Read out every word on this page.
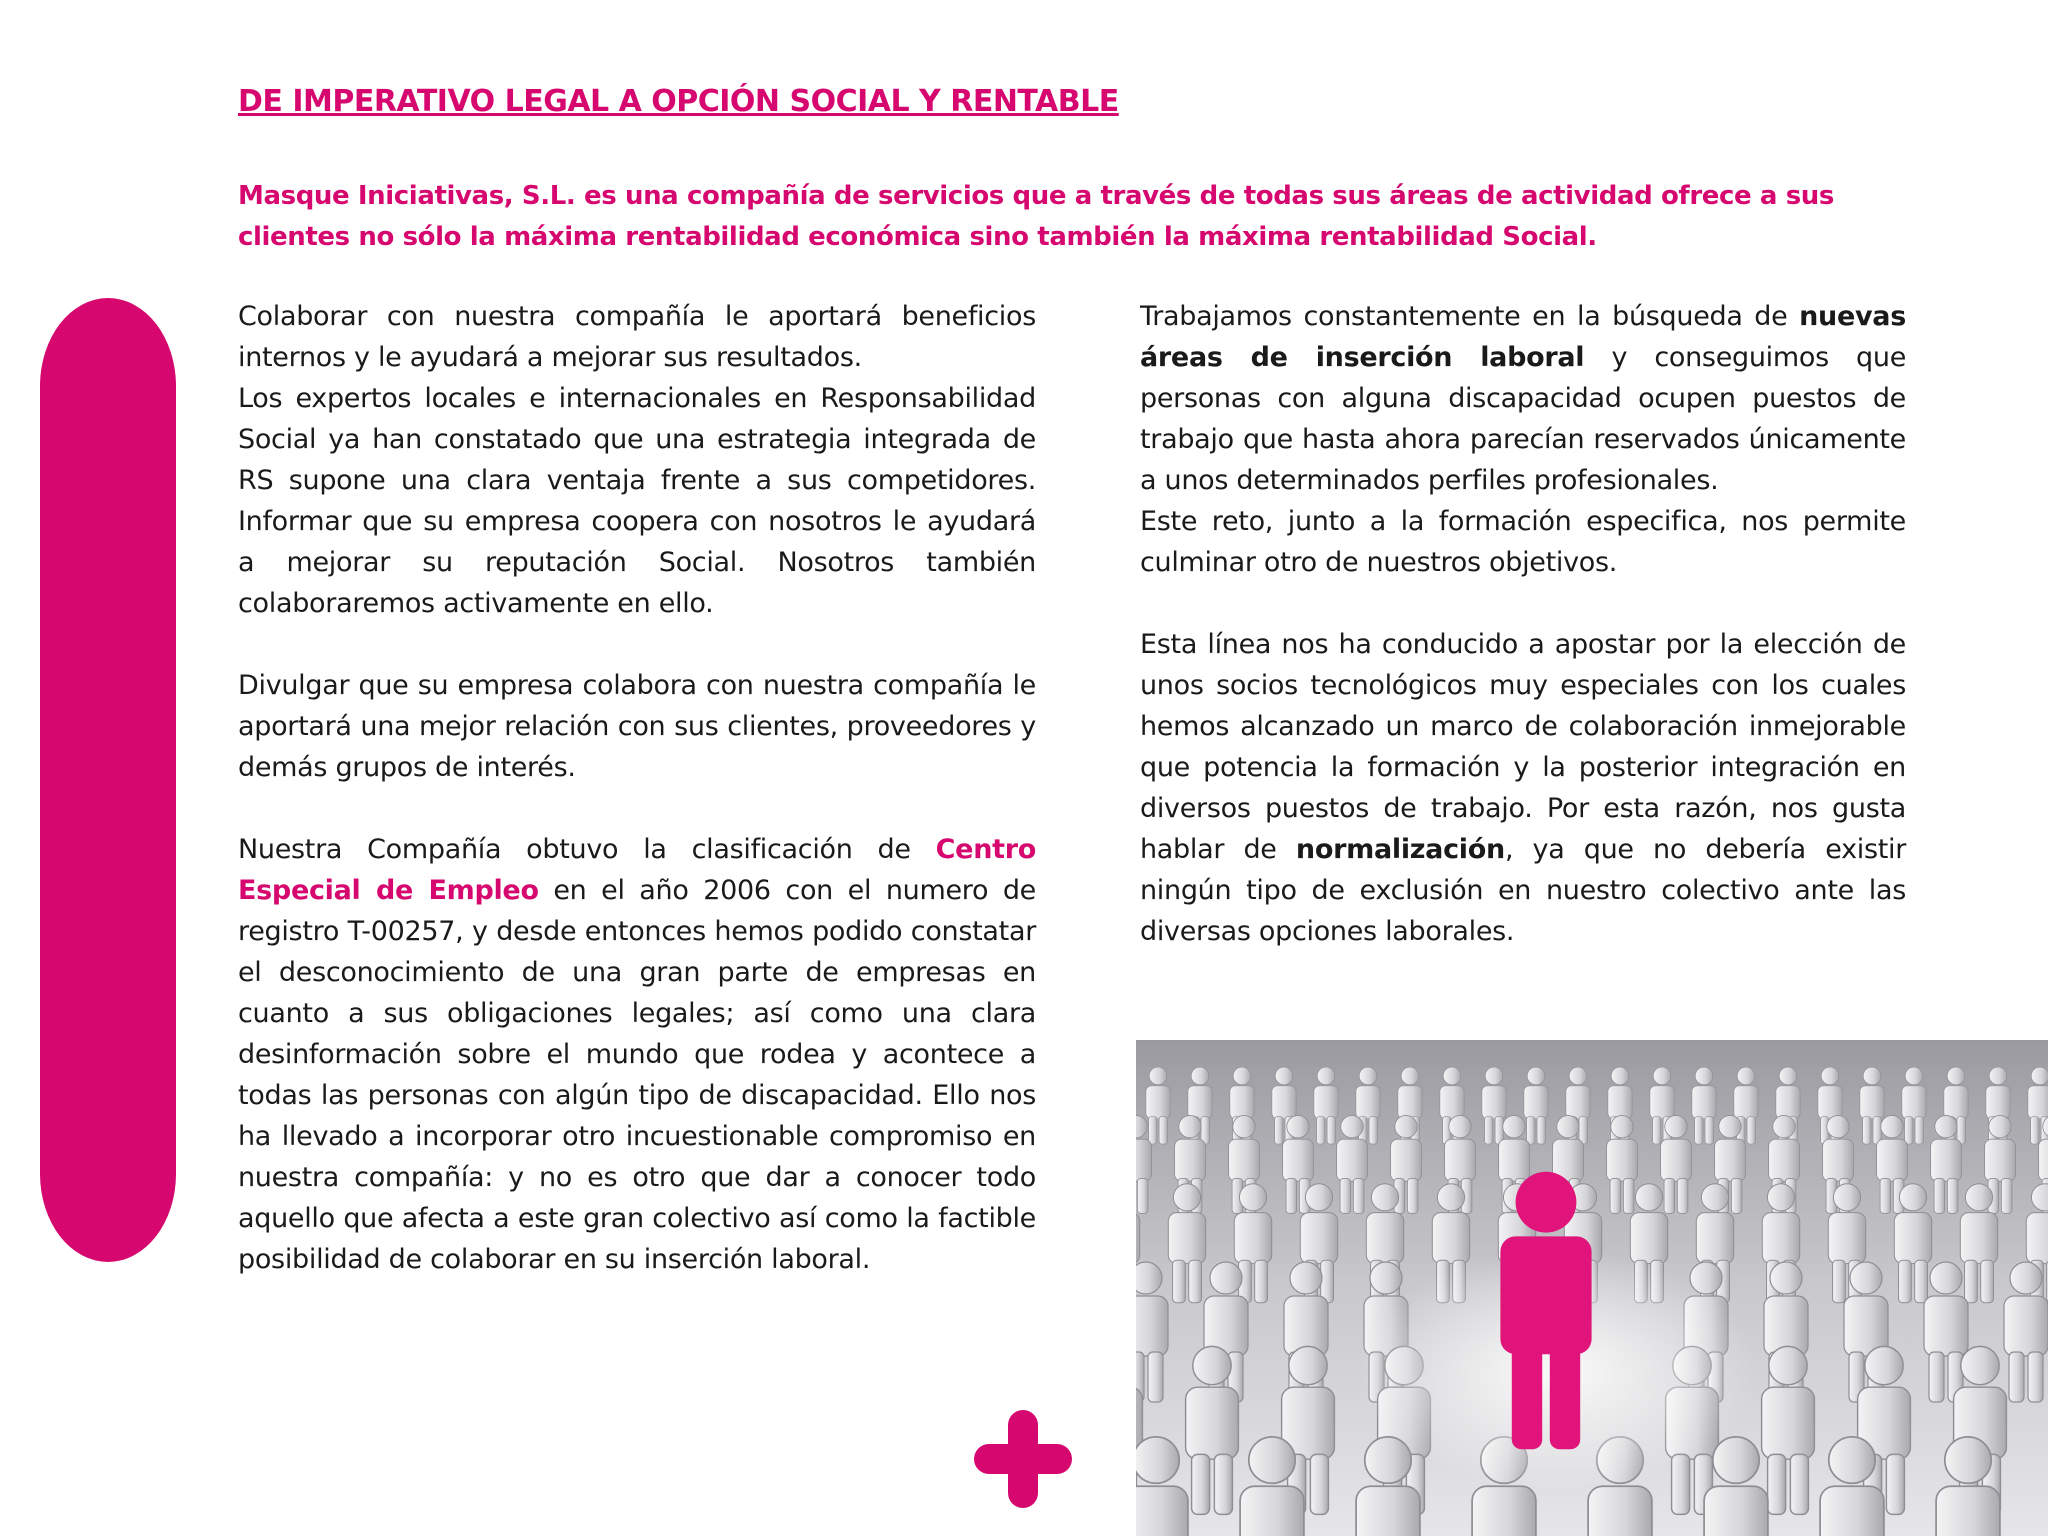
DE IMPERATIVO LEGAL A OPCIÓN SOCIAL Y RENTABLE

Masque Iniciativas, S.L. es una compañía de servicios que a través de todas sus áreas de actividad ofrece a sus clientes no sólo la máxima rentabilidad económica sino también la máxima rentabilidad Social.

Colaborar con nuestra compañía le aportará beneficios internos y le ayudará a mejorar sus resultados.
Los expertos locales e internacionales en Responsabilidad Social ya han constatado que una estrategia integrada de RS supone una clara ventaja frente a sus competidores. Informar que su empresa coopera con nosotros le ayudará a mejorar su reputación Social. Nosotros también colaboraremos activamente en ello.

Divulgar que su empresa colabora con nuestra compañía le aportará una mejor relación con sus clientes, proveedores y demás grupos de interés.

Nuestra Compañía obtuvo la clasificación de Centro Especial de Empleo en el año 2006 con el numero de registro T-00257, y desde entonces hemos podido constatar el desconocimiento de una gran parte de empresas en cuanto a sus obligaciones legales; así como una clara desinformación sobre el mundo que rodea y acontece a todas las personas con algún tipo de discapacidad. Ello nos ha llevado a incorporar otro incuestionable compromiso en nuestra compañía: y no es otro que dar a conocer todo aquello que afecta a este gran colectivo así como la factible posibilidad de colaborar en su inserción laboral.

Trabajamos constantemente en la búsqueda de nuevas áreas de inserción laboral y conseguimos que personas con alguna discapacidad ocupen puestos de trabajo que hasta ahora parecían reservados únicamente a unos determinados perfiles profesionales.
Este reto, junto a la formación especifica, nos permite culminar otro de nuestros objetivos.

Esta línea nos ha conducido a apostar por la elección de unos socios tecnológicos muy especiales con los cuales hemos alcanzado un marco de colaboración inmejorable que potencia la formación y la posterior integración en diversos puestos de trabajo. Por esta razón, nos gusta hablar de normalización, ya que no debería existir ningún tipo de exclusión en nuestro colectivo ante las diversas opciones laborales.
